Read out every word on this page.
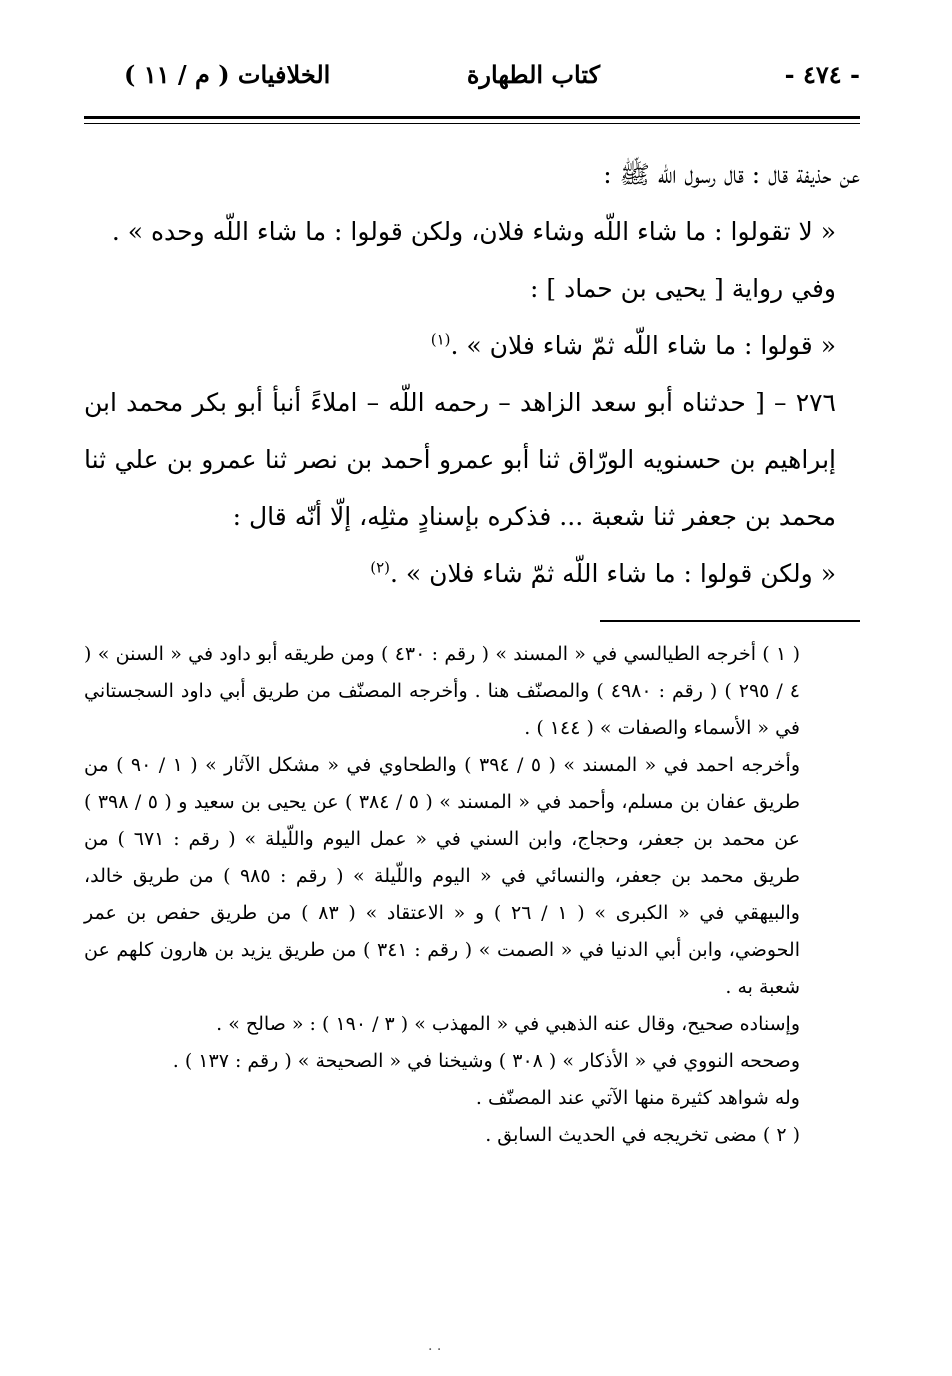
- ٤٧٤ -
كتاب الطهارة
الخلافيات ( م / ١١ )

عن حذيفة قال : قال رسول الله ﷺ :

« لا تقولوا : ما شاء اللّه وشاء فلان، ولكن قولوا : ما شاء اللّه وحده » .

وفي رواية [ يحيى بن حماد ] :

« قولوا : ما شاء اللّه ثمّ شاء فلان » .$^{(١)}$

٢٧٦ – [ حدثناه أبو سعد الزاهد – رحمه اللّه – املاءً أنبأ أبو بكر محمد ابن إبراهيم بن حسنويه الورّاق ثنا أبو عمرو أحمد بن نصر ثنا عمرو بن علي ثنا محمد بن جعفر ثنا شعبة ... فذكره بإسنادٍ مثلِه، إلّا أنّه قال :

« ولكن قولوا : ما شاء اللّه ثمّ شاء فلان » .$^{(٢)}$

( ١ ) أخرجه الطيالسي في « المسند » ( رقم : ٤٣٠ ) ومن طريقه أبو داود في « السنن » ( ٤ / ٢٩٥ ) ( رقم : ٤٩٨٠ ) والمصنّف هنا . وأخرجه المصنّف من طريق أبي داود السجستاني في « الأسماء والصفات » ( ١٤٤ ) .

وأخرجه احمد في « المسند » ( ٥ / ٣٩٤ ) والطحاوي في « مشكل الآثار » ( ١ / ٩٠ ) من طريق عفان بن مسلم، وأحمد في « المسند » ( ٥ / ٣٨٤ ) عن يحيى بن سعيد و ( ٥ / ٣٩٨ ) عن محمد بن جعفر، وحجاج، وابن السني في « عمل اليوم واللّيلة » ( رقم : ٦٧١ ) من طريق محمد بن جعفر، والنسائي في « اليوم واللّيلة » ( رقم : ٩٨٥ ) من طريق خالد، والبيهقي في « الكبرى » ( ١ / ٢٦ ) و « الاعتقاد » ( ٨٣ ) من طريق حفص بن عمر الحوضي، وابن أبي الدنيا في « الصمت » ( رقم : ٣٤١ ) من طريق يزيد بن هارون كلهم عن شعبة به .

وإسناده صحيح، وقال عنه الذهبي في « المهذب » ( ٣ / ١٩٠ ) : « صالح » .

وصححه النووي في « الأذكار » ( ٣٠٨ ) وشيخنا في « الصحيحة » ( رقم : ١٣٧ ) .

وله شواهد كثيرة منها الآتي عند المصنّف .

( ٢ ) مضى تخريجه في الحديث السابق .

. .
